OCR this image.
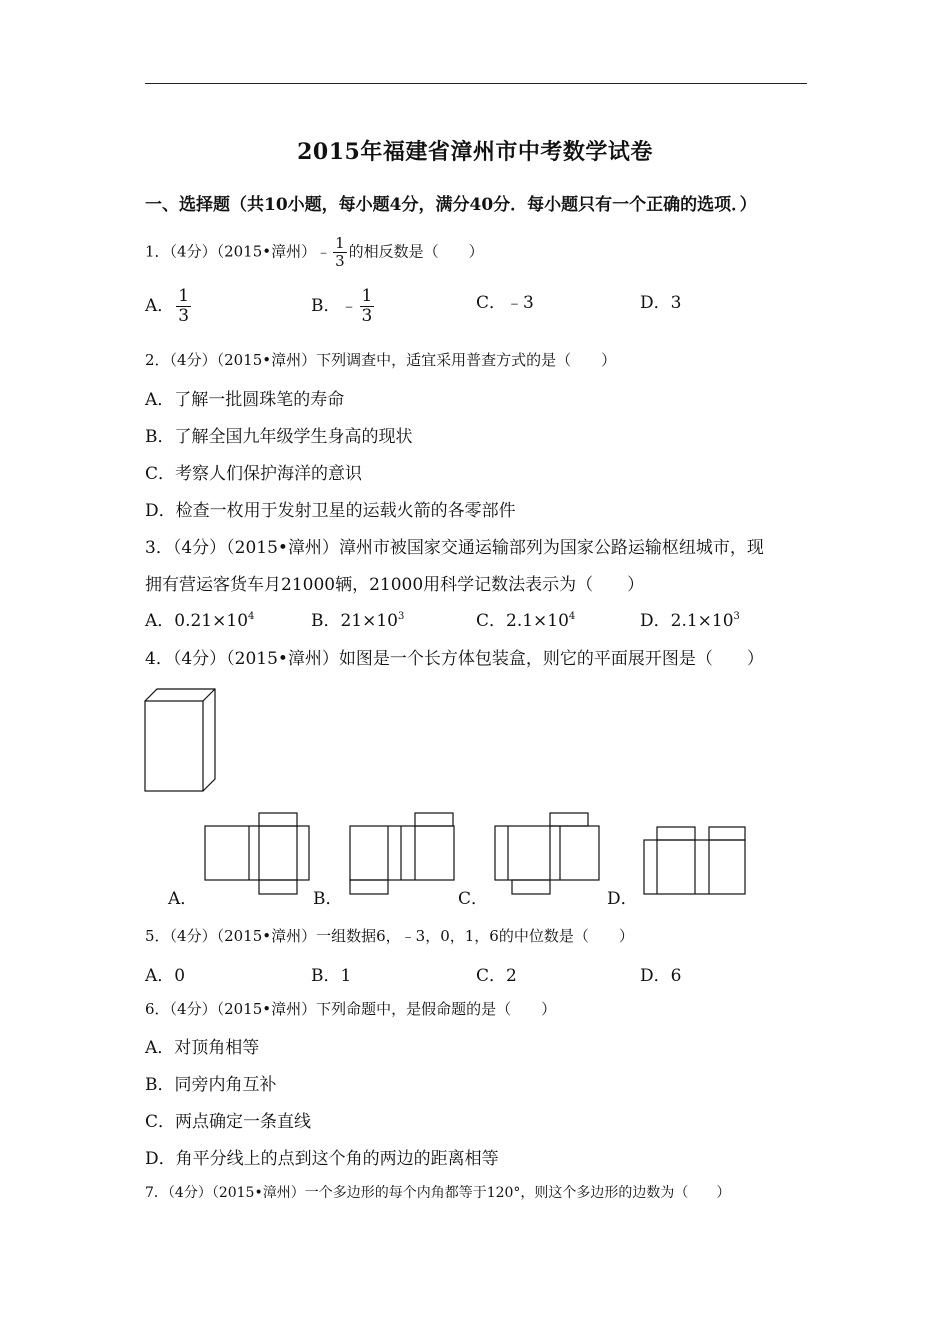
2015年福建省漳州市中考数学试卷
一、选择题（共10小题，每小题4分，满分40分．每小题只有一个正确的选项．）
1．（4分）（2015•漳州）﹣ $\frac{1}{3}$ 的相反数是（　　）
A． $\frac{1}{3}$	B．﹣ $\frac{1}{3}$	C．﹣3	D．3
2．（4分）（2015•漳州）下列调查中，适宜采用普查方式的是（　　）
A．了解一批圆珠笔的寿命
B．了解全国九年级学生身高的现状
C．考察人们保护海洋的意识
D．检查一枚用于发射卫星的运载火箭的各零部件
3．（4分）（2015•漳州）漳州市被国家交通运输部列为国家公路运输枢纽城市，现
拥有营运客货车月21000辆，21000用科学记数法表示为（　　）
A．$0.21\times 10^4$	B．$21\times 10^3$	C．$2.1\times 10^4$	D．$2.1\times 10^3$
4．（4分）（2015•漳州）如图是一个长方体包装盒，则它的平面展开图是（　　）
A．	B．	C．	D．
5．（4分）（2015•漳州）一组数据6，﹣3，0，1，6的中位数是（　　）
A．0	B．1	C．2	D．6
6．（4分）（2015•漳州）下列命题中，是假命题的是（　　）
A．对顶角相等
B．同旁内角互补
C．两点确定一条直线
D．角平分线上的点到这个角的两边的距离相等
7．（4分）（2015•漳州）一个多边形的每个内角都等于120°，则这个多边形的边数为（　　）
